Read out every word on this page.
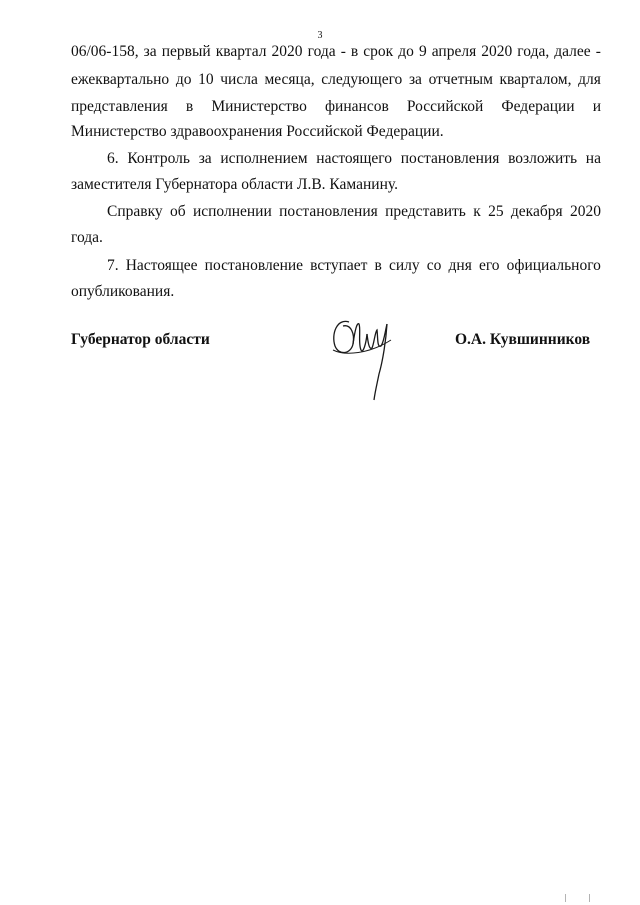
3
06/06-158, за первый квартал 2020 года - в срок до 9 апреля 2020 года, далее -
ежеквартально до 10 числа месяца, следующего за отчетным кварталом, для
представления в Министерство финансов Российской Федерации и
Министерство здравоохранения Российской Федерации.
6. Контроль за исполнением настоящего постановления возложить на
заместителя Губернатора области Л.В. Каманину.
Справку об исполнении постановления представить к 25 декабря 2020
года.
7. Настоящее постановление вступает в силу со дня его официального
опубликования.
Губернатор области	О.А. Кувшинников
| |
